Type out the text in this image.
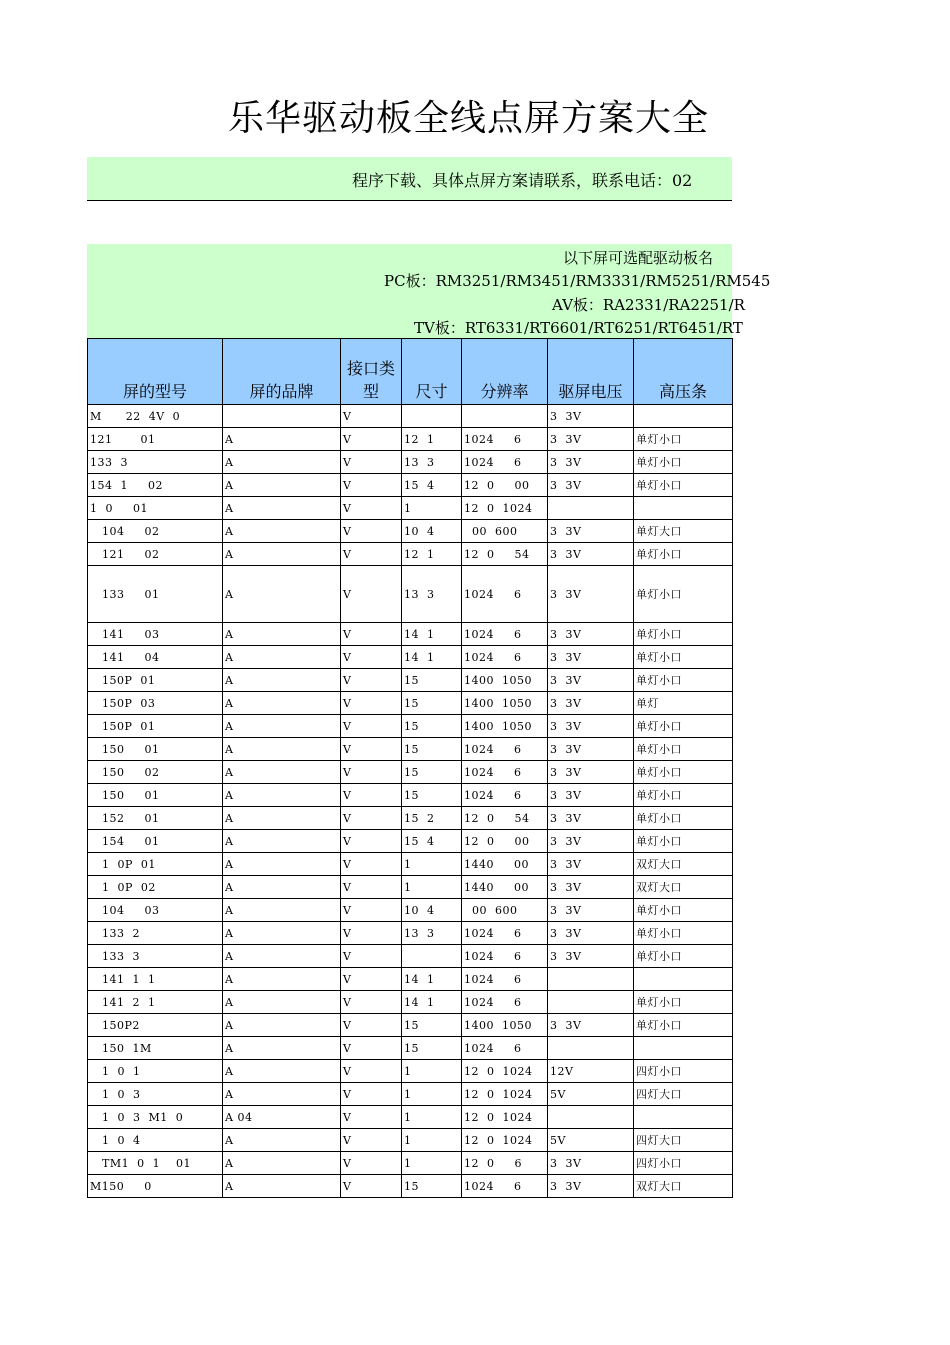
乐华驱动板全线点屏方案大全
程序下载、具体点屏方案请联系，联系电话：02
以下屏可选配驱动板名
PC板：RM3251/RM3451/RM3331/RM5251/RM545
AV板：RA2331/RA2251/R
TV板：RT6331/RT6601/RT6251/RT6451/RT
屏的型号	屏的品牌	接口类型	尺寸	分辨率	驱屏电压	高压条
M      22  4V  0		V			3  3V	
121       01	A	V	12  1	1024     6	3  3V	单灯小口
133  3	A	V	13  3	1024     6	3  3V	单灯小口
154  1     02	A	V	15  4	12  0     00	3  3V	单灯小口
1  0     01	A	V	1	12  0  1024		
104     02	A	V	10  4	00  600	3  3V	单灯大口
121     02	A	V	12  1	12  0     54	3  3V	单灯小口
133     01	A	V	13  3	1024     6	3  3V	单灯小口
141     03	A	V	14  1	1024     6	3  3V	单灯小口
141     04	A	V	14  1	1024     6	3  3V	单灯小口
150P  01	A	V	15	1400  1050	3  3V	单灯小口
150P  03	A	V	15	1400  1050	3  3V	单灯
150P  01	A	V	15	1400  1050	3  3V	单灯小口
150     01	A	V	15	1024     6	3  3V	单灯小口
150     02	A	V	15	1024     6	3  3V	单灯小口
150     01	A	V	15	1024     6	3  3V	单灯小口
152     01	A	V	15  2	12  0     54	3  3V	单灯小口
154     01	A	V	15  4	12  0     00	3  3V	单灯小口
1  0P  01	A	V	1	1440     00	3  3V	双灯大口
1  0P  02	A	V	1	1440     00	3  3V	双灯大口
104     03	A	V	10  4	00  600	3  3V	单灯小口
133  2	A	V	13  3	1024     6	3  3V	单灯小口
133  3	A	V		1024     6	3  3V	单灯小口
141  1  1	A	V	14  1	1024     6		
141  2  1	A	V	14  1	1024     6		单灯小口
150P2	A	V	15	1400  1050	3  3V	单灯小口
150  1M	A	V	15	1024     6		
1  0  1	A	V	1	12  0  1024	12V	四灯小口
1  0  3	A	V	1	12  0  1024	5V	四灯大口
1  0  3  M1  0	A 04	V	1	12  0  1024		
1  0  4	A	V	1	12  0  1024	5V	四灯大口
TM1  0  1    01	A	V	1	12  0     6	3  3V	四灯小口
M150     0	A	V	15	1024     6	3  3V	双灯大口
